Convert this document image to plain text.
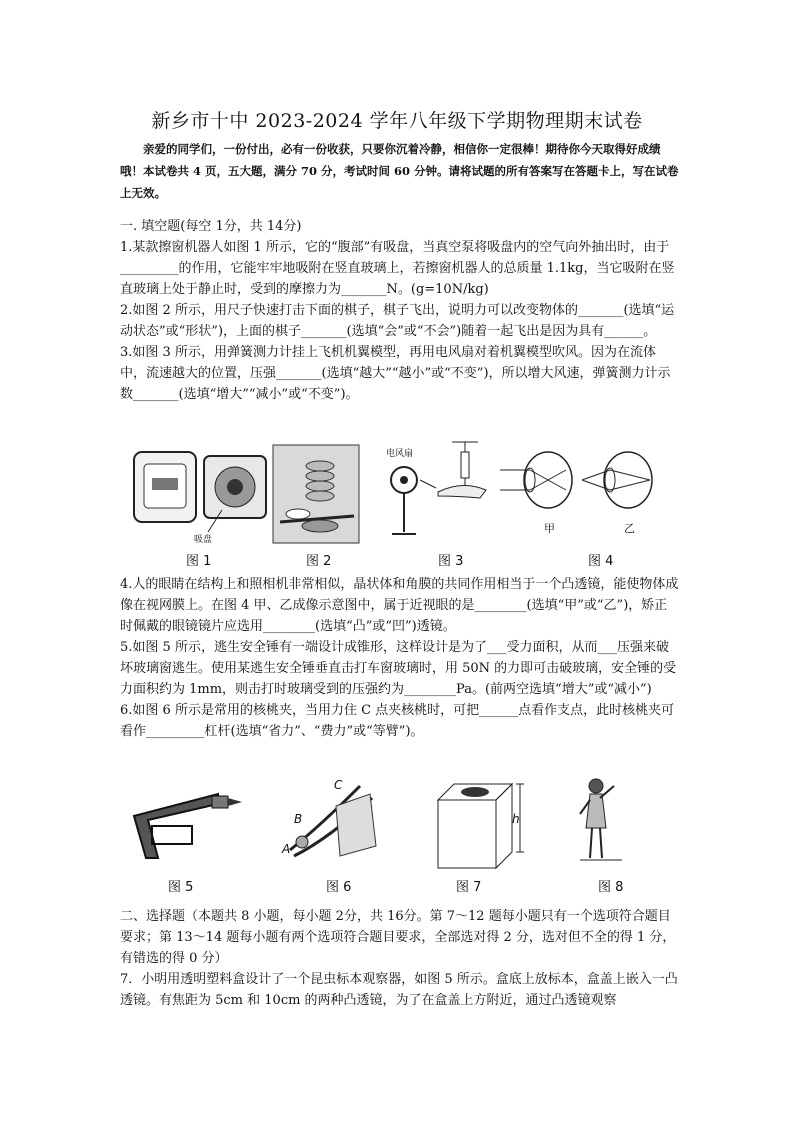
新乡市十中 2023-2024 学年八年级下学期物理期末试卷
亲爱的同学们，一份付出，必有一份收获，只要你沉着冷静，相信你一定很棒！期待你今天取得好成绩哦！本试卷共 4 页，五大题，满分 70 分，考试时间 60 分钟。请将试题的所有答案写在答题卡上，写在试卷上无效。

一. 填空题(每空 1分，共 14分)

1.某款擦窗机器人如图 1 所示，它的“腹部”有吸盘，当真空泵将吸盘内的空气向外抽出时，由于_________的作用，它能牢牢地吸附在竖直玻璃上，若擦窗机器人的总质量 1.1kg，当它吸附在竖直玻璃上处于静止时，受到的摩擦力为_______N。(g=10N/kg)

2.如图 2 所示，用尺子快速打击下面的棋子，棋子飞出，说明力可以改变物体的_______(选填“运动状态”或“形状”)，上面的棋子_______(选填“会”或“不会”)随着一起飞出是因为具有______。

3.如图 3 所示，用弹簧测力计挂上飞机机翼模型，再用电风扇对着机翼模型吹风。因为在流体中，流速越大的位置，压强_______(选填“越大”“越小”或“不变”)，所以增大风速，弹簧测力计示数_______(选填“增大”“减小”或“不变”)。

吸盘
图 1	图 2
电风扇
图 3
甲	乙
图 4

4.人的眼睛在结构上和照相机非常相似，晶状体和角膜的共同作用相当于一个凸透镜，能使物体成像在视网膜上。在图 4 甲、乙成像示意图中，属于近视眼的是________(选填“甲”或“乙”)，矫正时佩戴的眼镜镜片应选用________(选填“凸”或“凹”)透镜。

5.如图 5 所示，逃生安全锤有一端设计成锥形，这样设计是为了___受力面积，从而___压强来破坏玻璃窗逃生。使用某逃生安全锤垂直击打车窗玻璃时，用 50N 的力即可击破玻璃，安全锤的受力面积约为 1mm，则击打时玻璃受到的压强约为________Pa。(前两空选填“增大”或“减小”)

6.如图 6 所示是常用的核桃夹，当用力住 C 点夹核桃时，可把______点看作支点，此时核桃夹可看作_________杠杆(选填“省力”、“费力”或“等臂”)。

图 5
C
B
A
图 6
h
图 7	图 8

二、选择题（本题共 8 小题，每小题 2分，共 16分。第 7～12 题每小题只有一个选项符合题目要求；第 13～14 题每小题有两个选项符合题目要求，全部选对得 2 分，选对但不全的得 1 分，有错选的得 0 分）

7．小明用透明塑料盒设计了一个昆虫标本观察器，如图 5 所示。盒底上放标本，盒盖上嵌入一凸透镜。有焦距为 5cm 和 10cm 的两种凸透镜，为了在盒盖上方附近，通过凸透镜观察
